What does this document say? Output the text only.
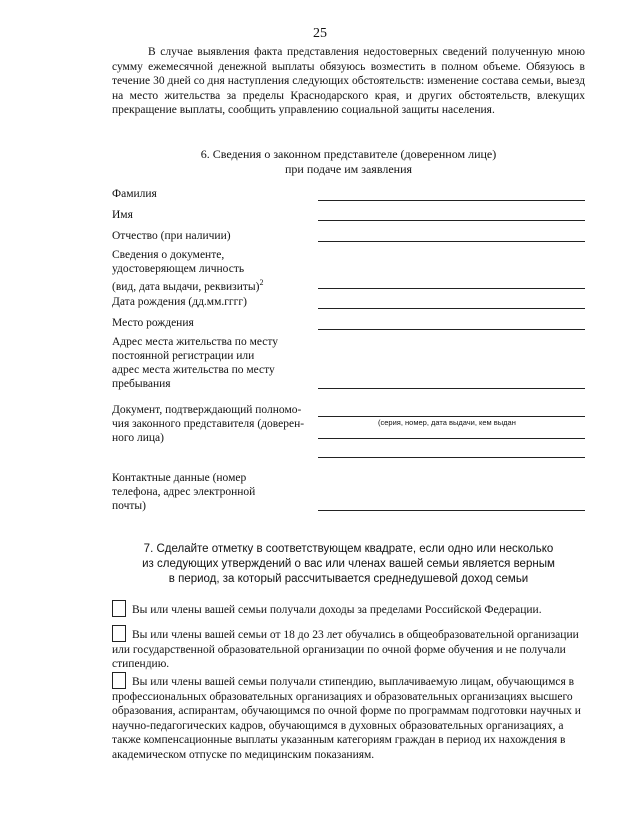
25
В случае выявления факта представления недостоверных сведений полученную мною сумму ежемесячной денежной выплаты обязуюсь возместить в полном объеме. Обязуюсь в течение 30 дней со дня наступления следующих обстоятельств: изменение состава семьи, выезд на место жительства за пределы Краснодарского края, и других обстоятельств, влекущих прекращение выплаты, сообщить управлению социальной защиты населения.
6. Сведения о законном представителе (доверенном лице)
при подаче им заявления
Фамилия
Имя
Отчество (при наличии)
Сведения о документе,
удостоверяющем личность
(вид, дата выдачи, реквизиты)$^2$
Дата рождения (дд.мм.гггг)
Место рождения
Адрес места жительства по месту
постоянной регистрации или
адрес места жительства по месту
пребывания
Документ, подтверждающий полномо-
чия законного представителя (доверен-
ного лица)
(серия, номер, дата выдачи, кем выдан
Контактные данные (номер
телефона, адрес электронной
почты)
7. Сделайте отметку в соответствующем квадрате, если одно или несколько
из следующих утверждений о вас или членах вашей семьи является верным
в период, за который рассчитывается среднедушевой доход семьи
Вы или члены вашей семьи получали доходы за пределами Российской Федерации.
Вы или члены вашей семьи от 18 до 23 лет обучались в общеобразовательной организации или государственной образовательной организации по очной форме обучения и не получали стипендию.
Вы или члены вашей семьи получали стипендию, выплачиваемую лицам, обучающимся в профессиональных образовательных организациях и образовательных организациях высшего образования, аспирантам, обучающимся по очной форме по программам подготовки научных и научно-педагогических кадров, обучающимся в духовных образовательных организациях, а также компенсационные выплаты указанным категориям граждан в период их нахождения в академическом отпуске по медицинским показаниям.
